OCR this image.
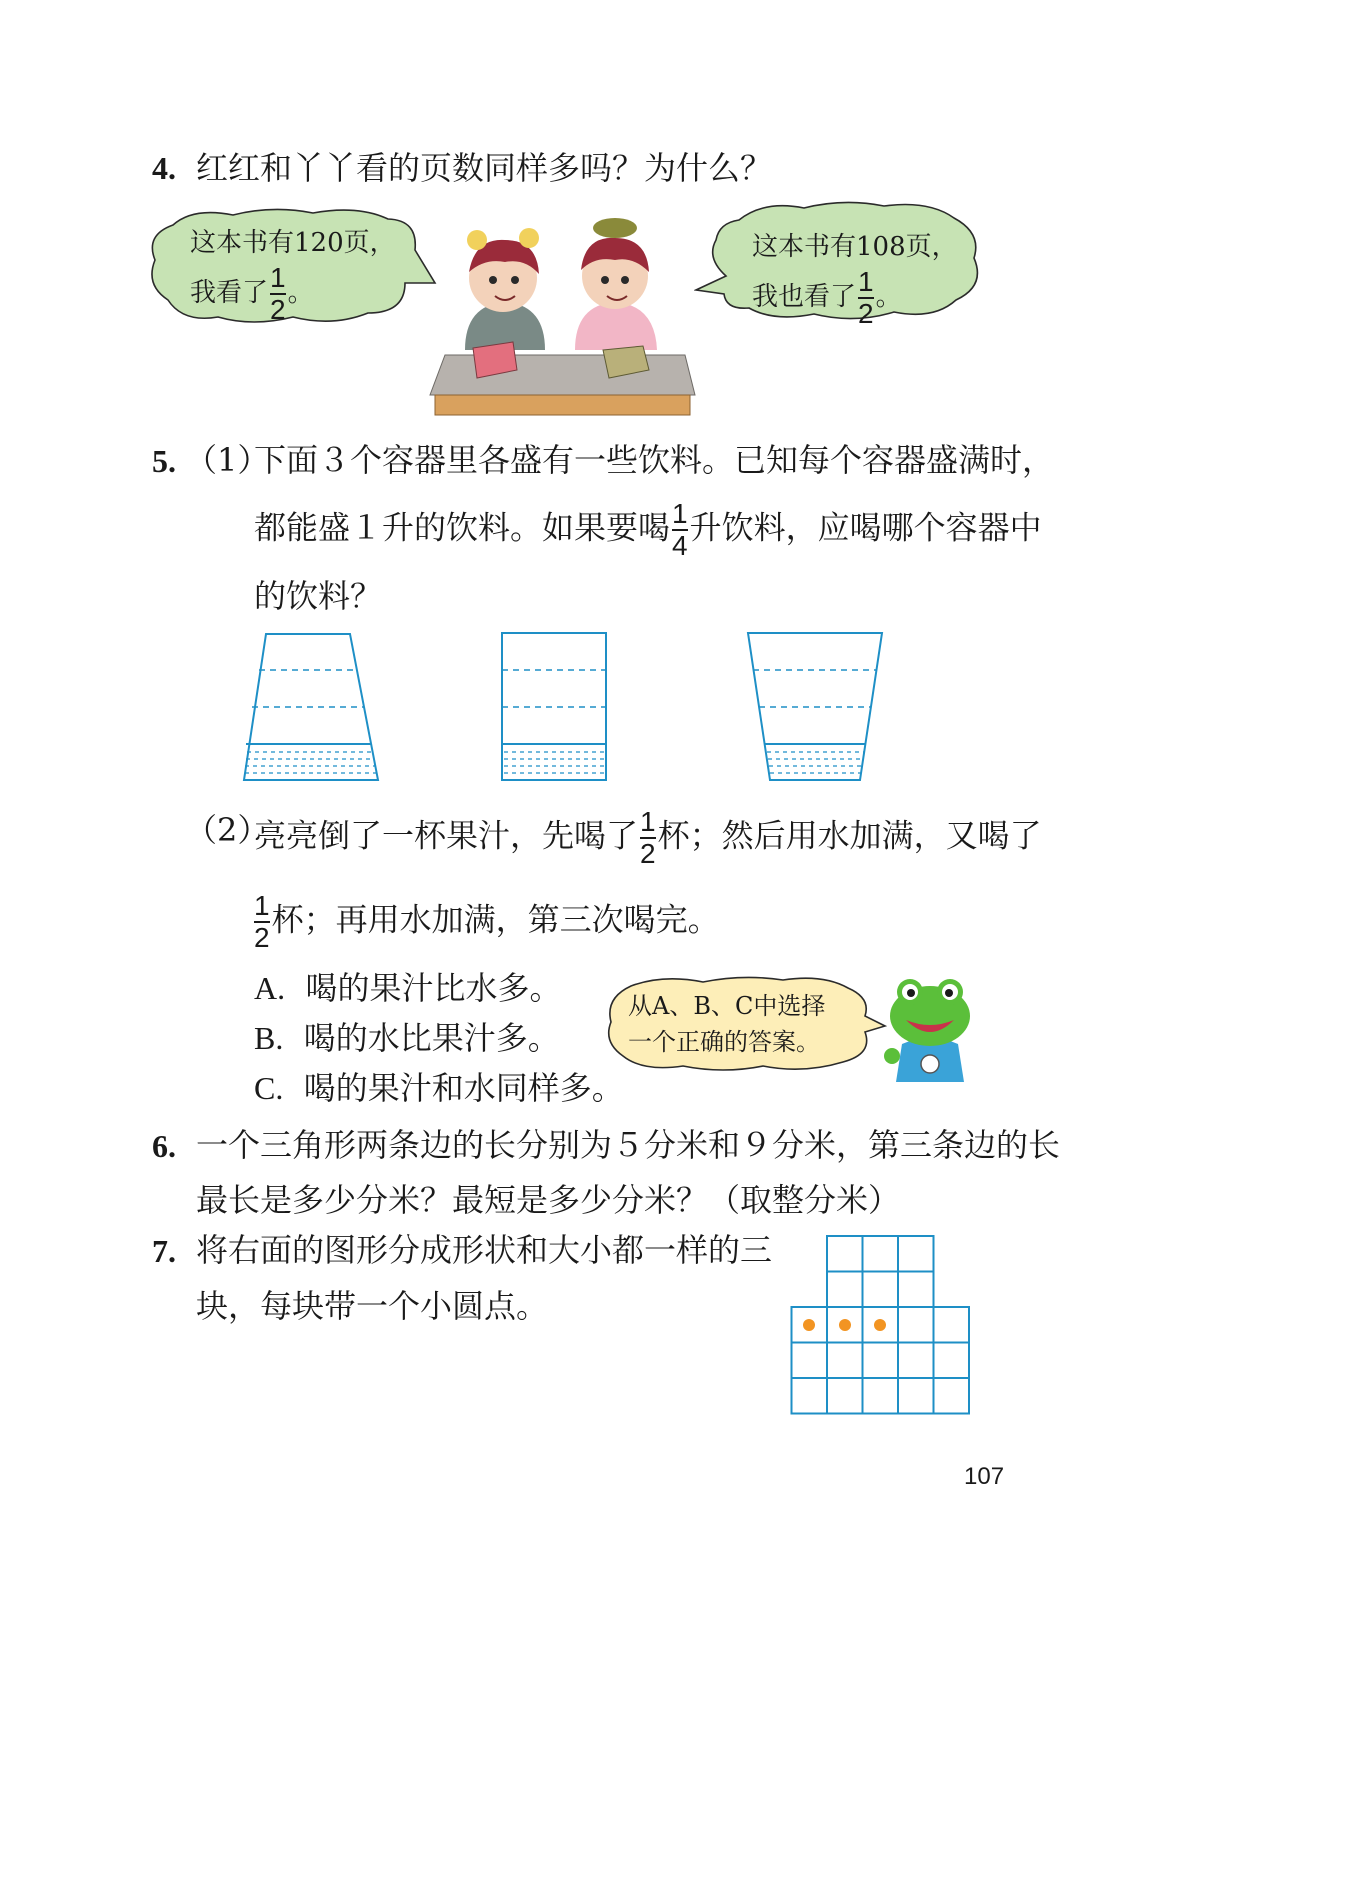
4. 红红和丫丫看的页数同样多吗？为什么？
这本书有120页，
我看了 $\frac{1}{2}$ 。
这本书有108页，
我也看了 $\frac{1}{2}$ 。
5. （1）
下面３个容器里各盛有一些饮料。已知每个容器盛满时，
都能盛１升的饮料。如果要喝 $\frac{1}{4}$ 升饮料，应喝哪个容器中
的饮料？
（2）
亮亮倒了一杯果汁，先喝了 $\frac{1}{2}$ 杯；然后用水加满，又喝了
$\frac{1}{2}$ 杯；再用水加满，第三次喝完。
A. 喝的果汁比水多。
B. 喝的水比果汁多。
C. 喝的果汁和水同样多。
从A、B、C中选择
一个正确的答案。
6. 一个三角形两条边的长分别为５分米和９分米，第三条边的长
最长是多少分米？最短是多少分米？（取整分米）
7. 将右面的图形分成形状和大小都一样的三
块，每块带一个小圆点。
107
